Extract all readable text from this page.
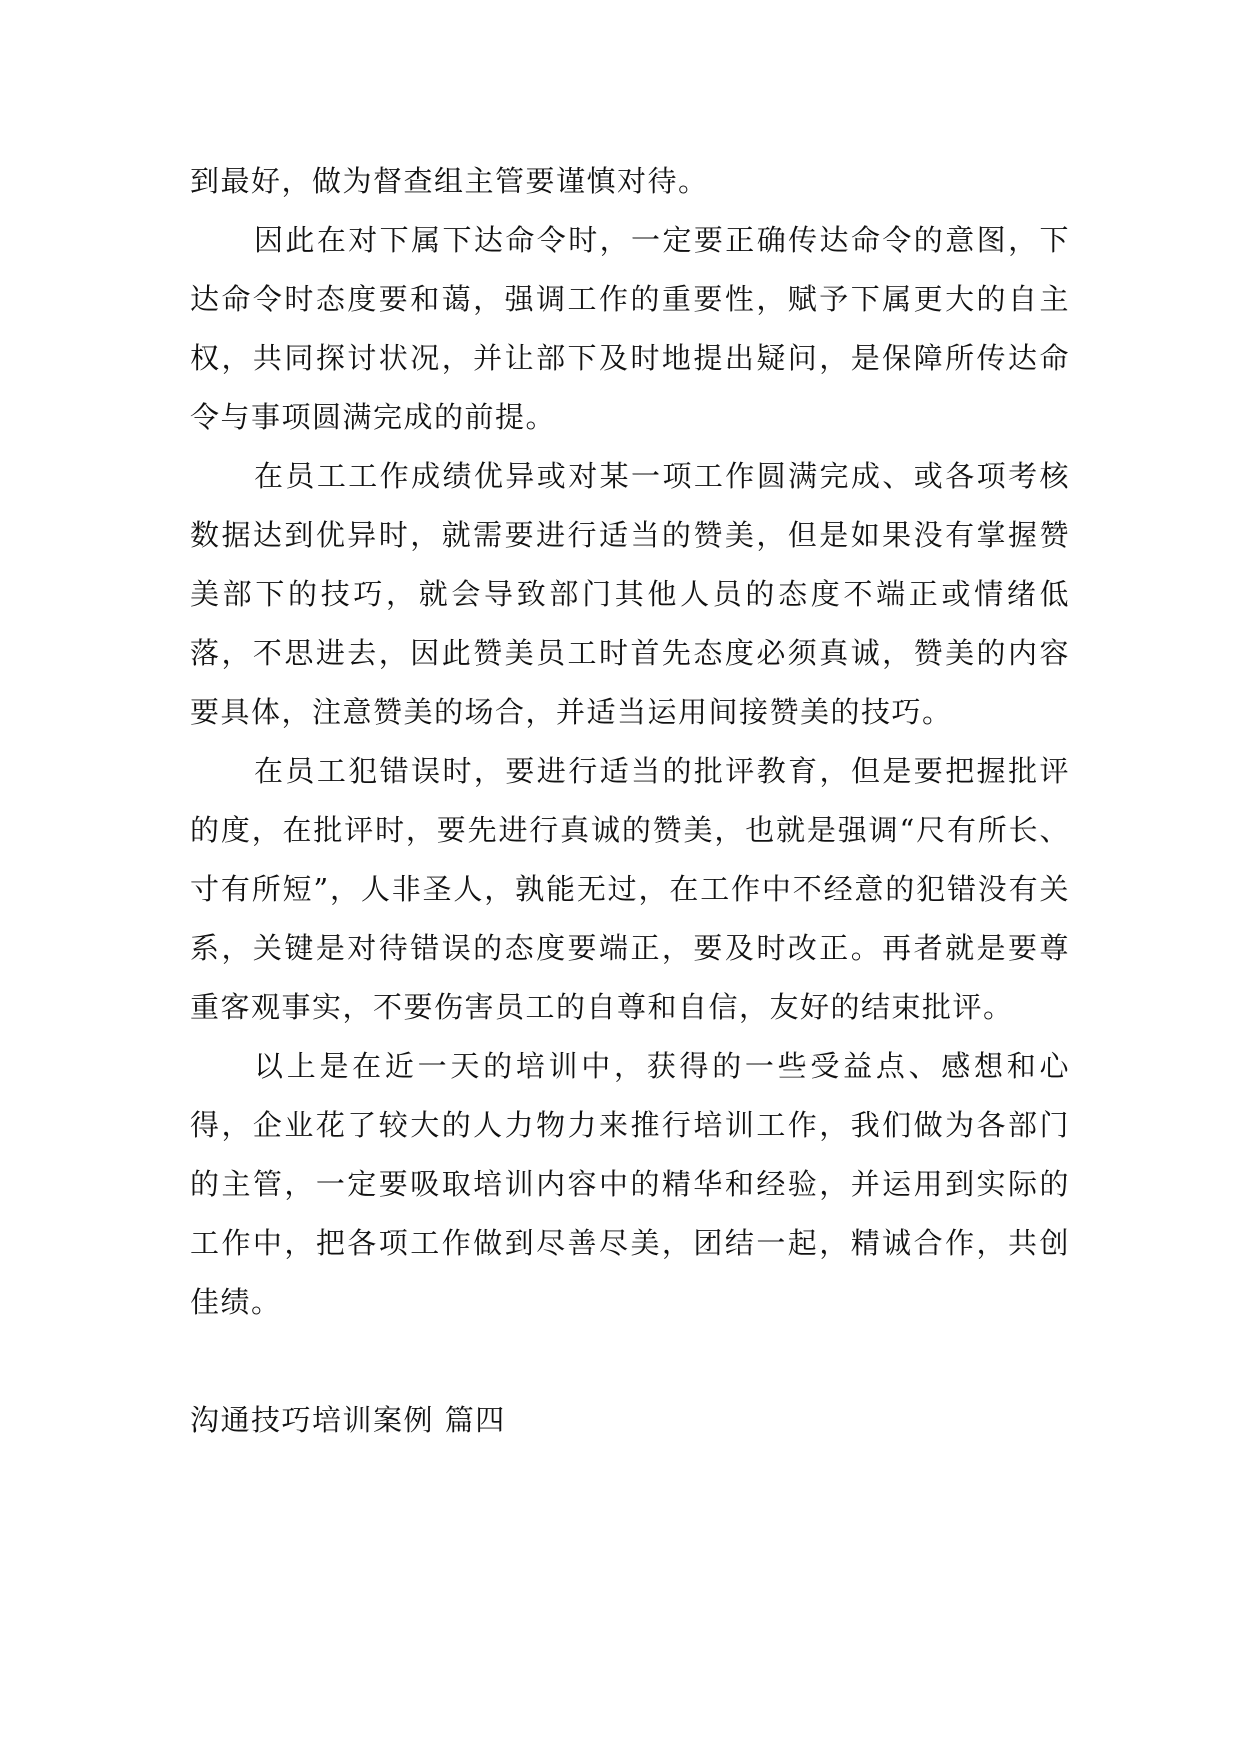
到最好，做为督查组主管要谨慎对待。

因此在对下属下达命令时，一定要正确传达命令的意图，下达命令时态度要和蔼，强调工作的重要性，赋予下属更大的自主权，共同探讨状况，并让部下及时地提出疑问，是保障所传达命令与事项圆满完成的前提。

在员工工作成绩优异或对某一项工作圆满完成、或各项考核数据达到优异时，就需要进行适当的赞美，但是如果没有掌握赞美部下的技巧，就会导致部门其他人员的态度不端正或情绪低落，不思进去，因此赞美员工时首先态度必须真诚，赞美的内容要具体，注意赞美的场合，并适当运用间接赞美的技巧。

在员工犯错误时，要进行适当的批评教育，但是要把握批评的度，在批评时，要先进行真诚的赞美，也就是强调“尺有所长、寸有所短”，人非圣人，孰能无过，在工作中不经意的犯错没有关系，关键是对待错误的态度要端正，要及时改正。再者就是要尊重客观事实，不要伤害员工的自尊和自信，友好的结束批评。

以上是在近一天的培训中，获得的一些受益点、感想和心得，企业花了较大的人力物力来推行培训工作，我们做为各部门的主管，一定要吸取培训内容中的精华和经验，并运用到实际的工作中，把各项工作做到尽善尽美，团结一起，精诚合作，共创佳绩。

沟通技巧培训案例 篇四
